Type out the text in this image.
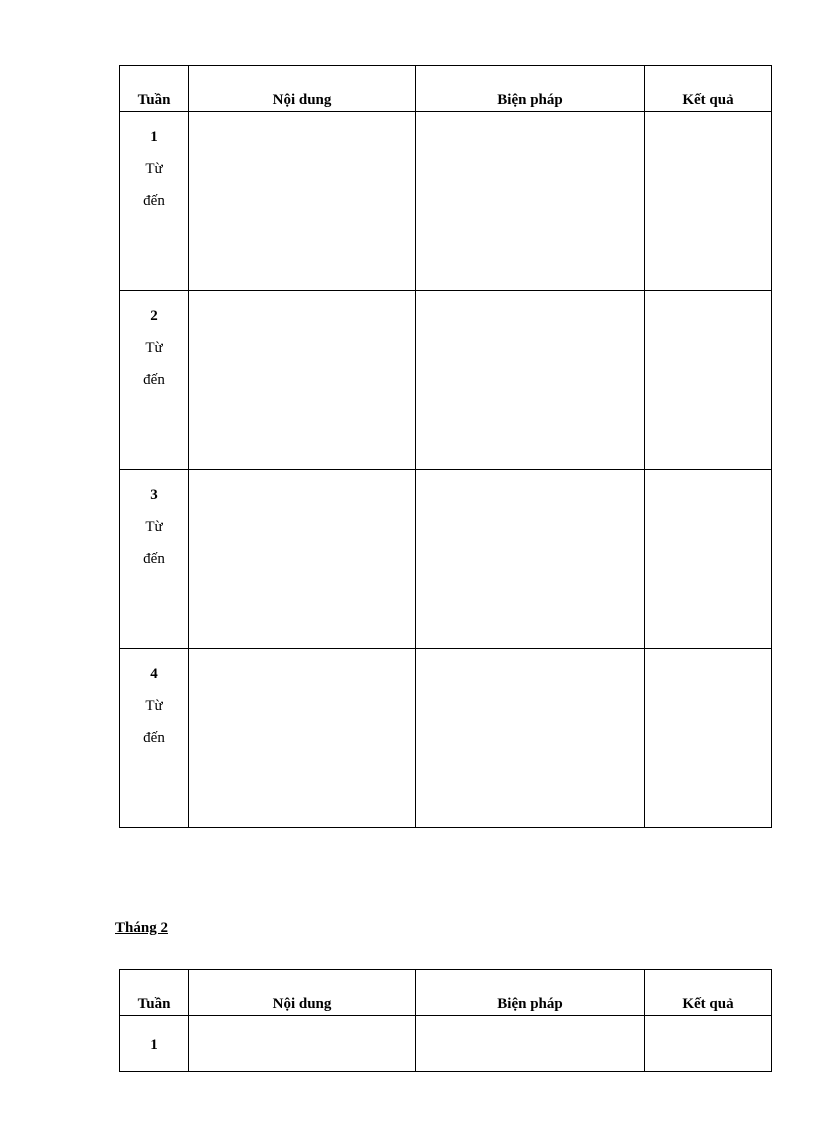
Tuần	Nội dung	Biện pháp	Kết quả

1
Từ
đến			

2
Từ
đến			

3
Từ
đến			

4
Từ
đến			

Tháng 2
Tuần	Nội dung	Biện pháp	Kết quả

1			
